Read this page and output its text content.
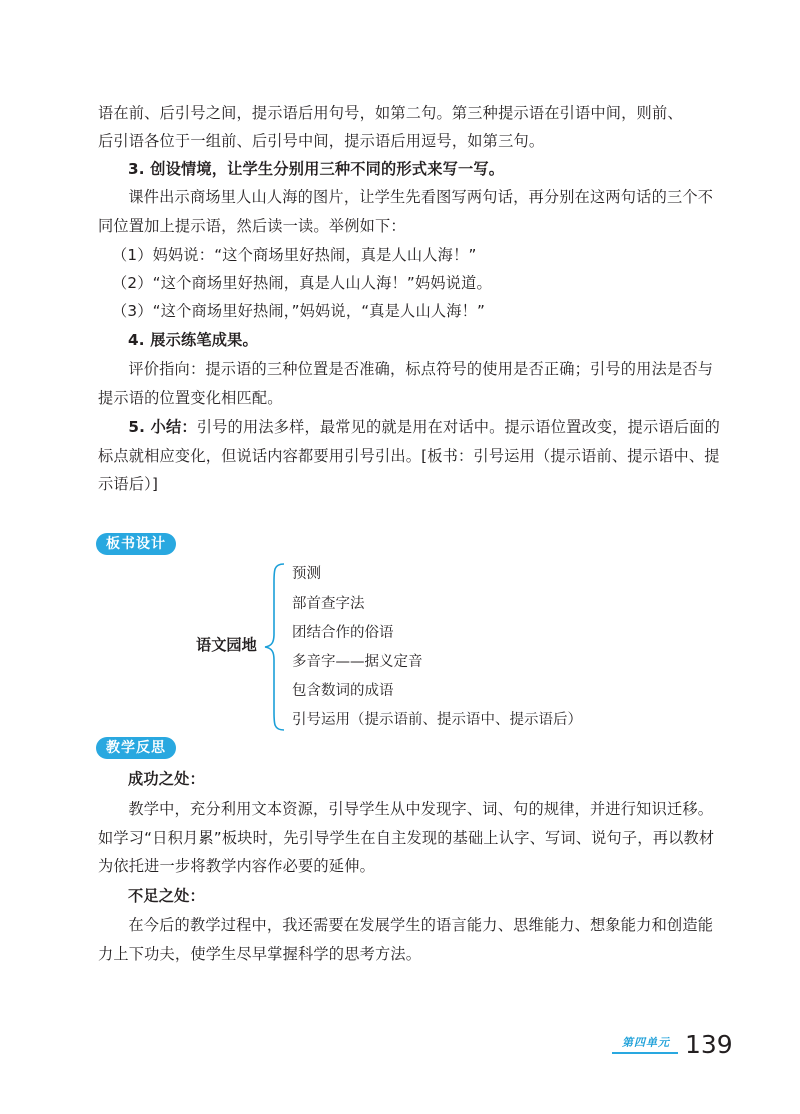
语在前、后引号之间，提示语后用句号，如第二句。第三种提示语在引语中间，则前、
后引语各位于一组前、后引号中间，提示语后用逗号，如第三句。
3. 创设情境，让学生分别用三种不同的形式来写一写。

课件出示商场里人山人海的图片，让学生先看图写两句话，再分别在这两句话的三个不同位置加上提示语，然后读一读。举例如下：

（1）妈妈说：“这个商场里好热闹，真是人山人海！”
（2）“这个商场里好热闹，真是人山人海！”妈妈说道。
（3）“这个商场里好热闹，”妈妈说，“真是人山人海！”
4. 展示练笔成果。

评价指向：提示语的三种位置是否准确，标点符号的使用是否正确；引号的用法是否与提示语的位置变化相匹配。

5. 小结：引号的用法多样，最常见的就是用在对话中。提示语位置改变，提示语后面的标点就相应变化，但说话内容都要用引号引出。[板书：引号运用（提示语前、提示语中、提示语后）]

板书设计
语文园地
预测
部首查字法
团结合作的俗语
多音字——据义定音
包含数词的成语
引号运用（提示语前、提示语中、提示语后）
教学反思
成功之处：

教学中，充分利用文本资源，引导学生从中发现字、词、句的规律，并进行知识迁移。如学习“日积月累”板块时，先引导学生在自主发现的基础上认字、写词、说句子，再以教材为依托进一步将教学内容作必要的延伸。

不足之处：

在今后的教学过程中，我还需要在发展学生的语言能力、思维能力、想象能力和创造能力上下功夫，使学生尽早掌握科学的思考方法。

第四单元 139
